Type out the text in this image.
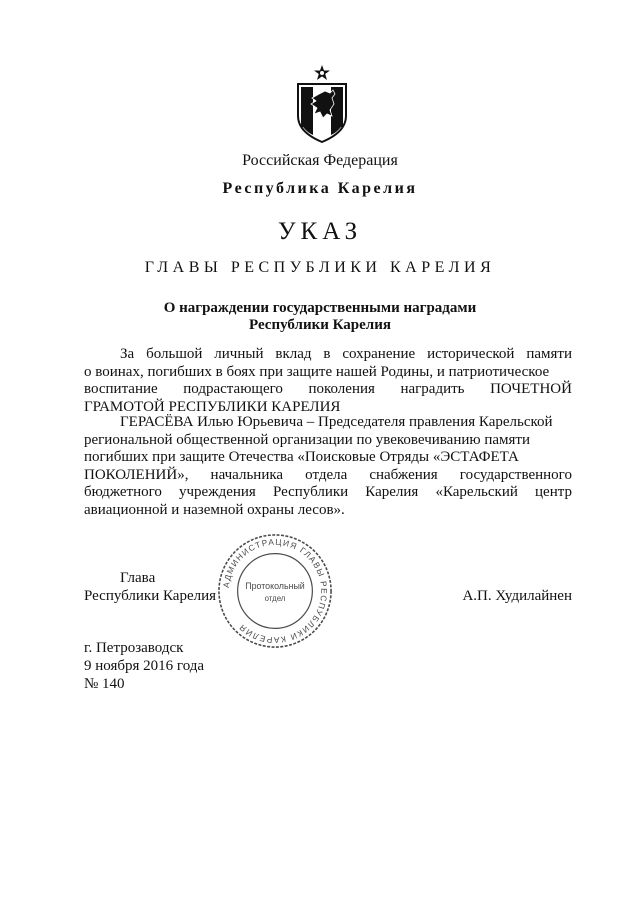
Российская Федерация
Республика Карелия
УКАЗ
ГЛАВЫ РЕСПУБЛИКИ КАРЕЛИЯ
О награждении государственными наградами
Республики Карелия
За большой личный вклад в сохранение исторической памяти
о воинах, погибших в боях при защите нашей Родины, и патриотическое
воспитание подрастающего поколения наградить ПОЧЕТНОЙ
ГРАМОТОЙ РЕСПУБЛИКИ КАРЕЛИЯ
ГЕРАСЁВА Илью Юрьевича – Председателя правления Карельской
региональной общественной организации по увековечиванию памяти
погибших при защите Отечества «Поисковые Отряды «ЭСТАФЕТА
ПОКОЛЕНИЙ», начальника отдела снабжения государственного
бюджетного учреждения Республики Карелия «Карельский центр
авиационной и наземной охраны лесов».
Глава
Республики Карелия	А.П. Худилайнен
АДМИНИСТРАЦИЯ ГЛАВЫ РЕСПУБЛИКИ КАРЕЛИЯ
Протокольный
отдел
г. Петрозаводск
9 ноября 2016 года
№ 140
